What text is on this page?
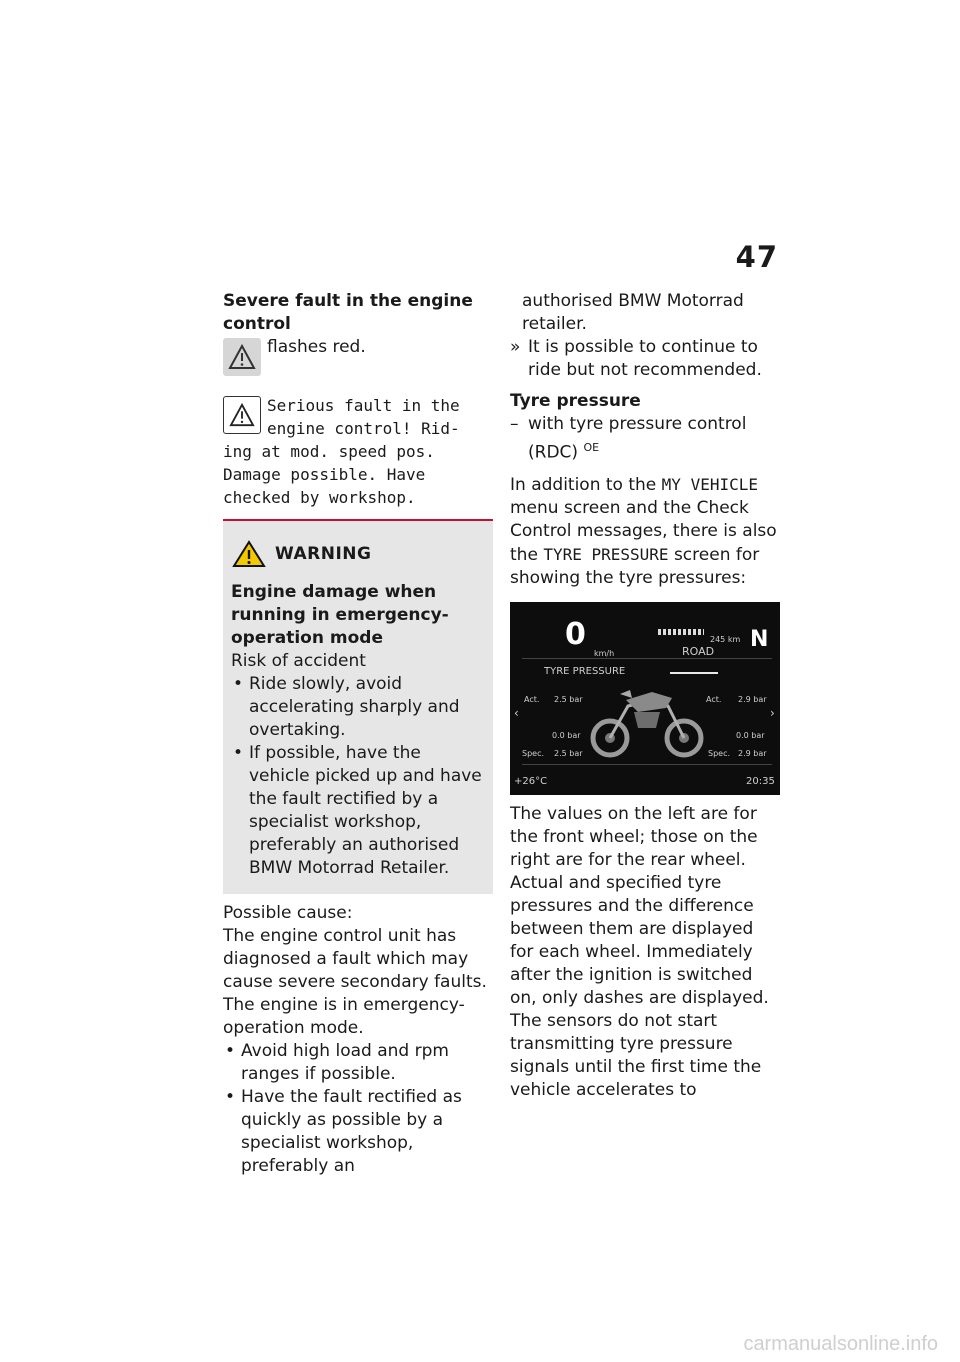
47

Severe fault in the engine control

flashes red.

Serious fault in the
engine control! Rid-
ing at mod. speed pos.
Damage possible. Have
checked by workshop.
WARNING

Engine damage when running in emergency-operation mode

Risk of accident

• Ride slowly, avoid accelerating sharply and overtaking.
• If possible, have the vehicle picked up and have the fault rectified by a specialist workshop, preferably an authorised BMW Motorrad Retailer.

Possible cause:

The engine control unit has diagnosed a fault which may cause severe secondary faults. The engine is in emergency-operation mode.

• Avoid high load and rpm ranges if possible.
• Have the fault rectified as quickly as possible by a specialist workshop, preferably an

authorised BMW Motorrad retailer.

» It is possible to continue to ride but not recommended.

Tyre pressure

– with tyre pressure control (RDC) $^{OE}$

In addition to the MY VEHICLE menu screen and the Check Control messages, there is also the TYRE PRESSURE screen for showing the tyre pressures:

0
km/h
245 km
ROAD N
TYRE PRESSURE
Act. 2.5 bar
0.0 bar
Spec. 2.5 bar
Act. 2.9 bar
0.0 bar
Spec. 2.9 bar
‹	›
+26°C	20:35

The values on the left are for the front wheel; those on the right are for the rear wheel. Actual and specified tyre pressures and the difference between them are displayed for each wheel. Immediately after the ignition is switched on, only dashes are displayed. The sensors do not start transmitting tyre pressure signals until the first time the vehicle accelerates to

carmanualsonline.info
